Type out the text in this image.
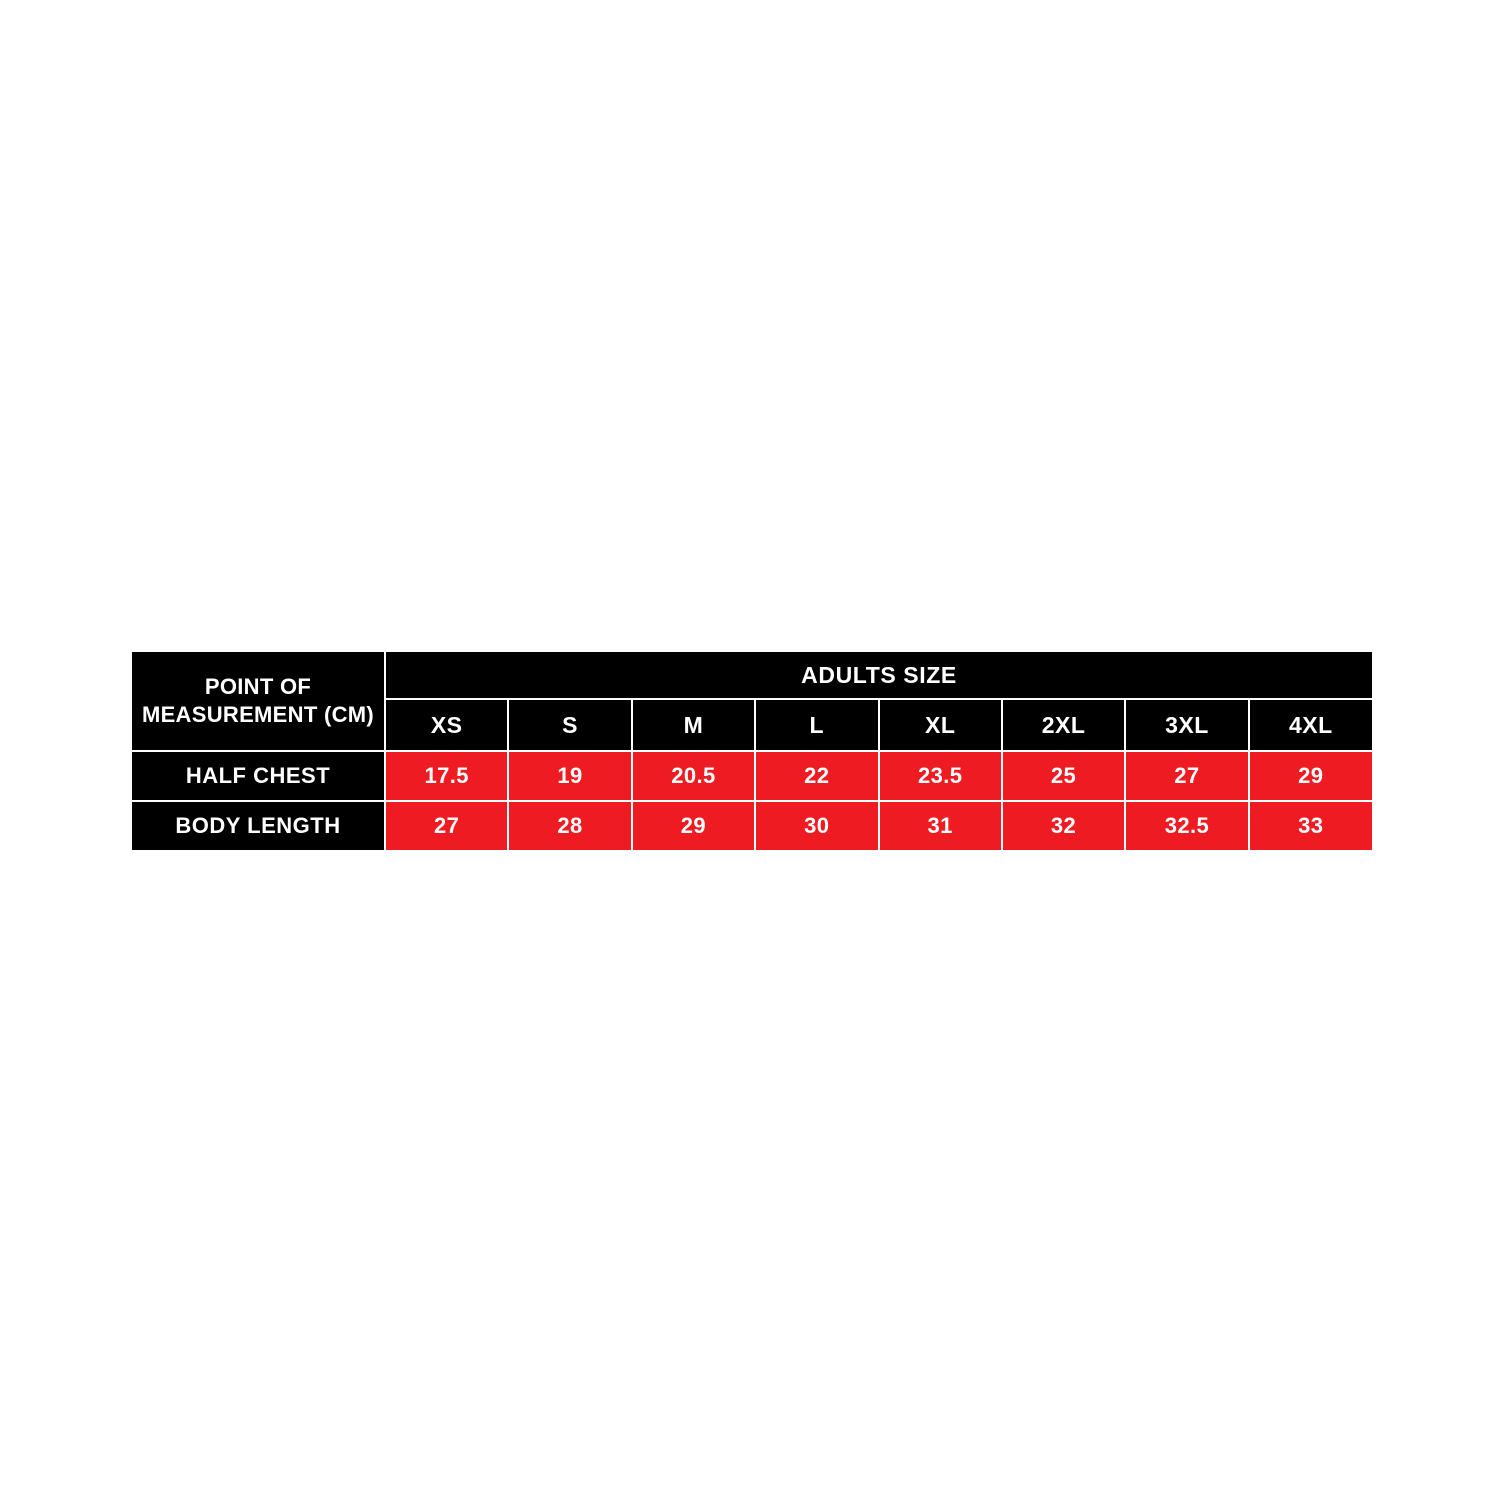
POINT OF
MEASUREMENT (CM)	ADULTS SIZE							
	XS	S	M	L	XL	2XL	3XL	4XL
HALF CHEST	17.5	19	20.5	22	23.5	25	27	29
BODY LENGTH	27	28	29	30	31	32	32.5	33
